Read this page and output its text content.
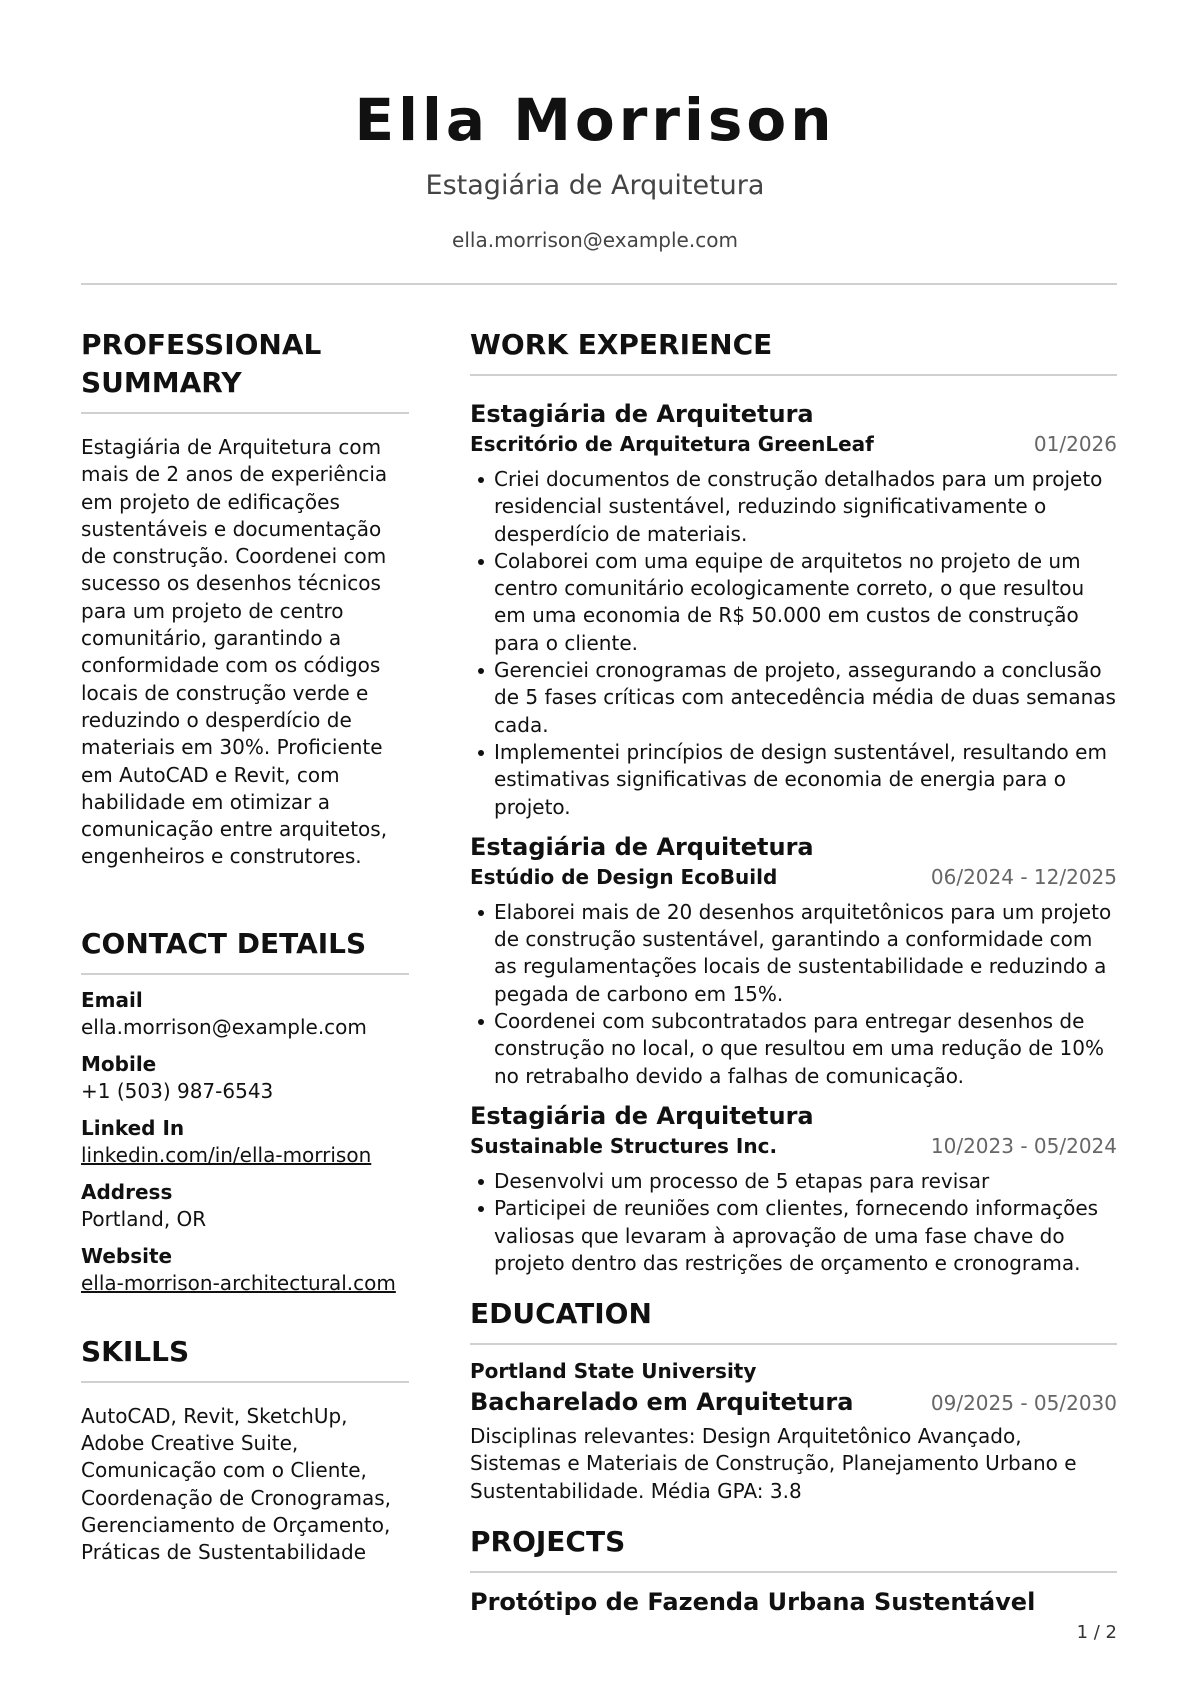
Ella Morrison
Estagiária de Arquitetura
ella.morrison@example.com
PROFESSIONAL
SUMMARY
Estagiária de Arquitetura com mais de 2 anos de experiência em projeto de edificações sustentáveis e documentação de construção. Coordenei com sucesso os desenhos técnicos para um projeto de centro comunitário, garantindo a conformidade com os códigos locais de construção verde e reduzindo o desperdício de materiais em 30%. Proficiente em AutoCAD e Revit, com habilidade em otimizar a comunicação entre arquitetos, engenheiros e construtores.
CONTACT DETAILS
Email
ella.morrison@example.com
Mobile
+1 (503) 987-6543
Linked In
linkedin.com/in/ella-morrison
Address
Portland, OR
Website
ella-morrison-architectural.com
SKILLS
AutoCAD, Revit, SketchUp, Adobe Creative Suite, Comunicação com o Cliente, Coordenação de Cronogramas, Gerenciamento de Orçamento, Práticas de Sustentabilidade
WORK EXPERIENCE
Estagiária de Arquitetura
Escritório de Arquitetura GreenLeaf	01/2026
Criei documentos de construção detalhados para um projeto residencial sustentável, reduzindo significativamente o desperdício de materiais.
Colaborei com uma equipe de arquitetos no projeto de um centro comunitário ecologicamente correto, o que resultou em uma economia de R$ 50.000 em custos de construção para o cliente.
Gerenciei cronogramas de projeto, assegurando a conclusão de 5 fases críticas com antecedência média de duas semanas cada.
Implementei princípios de design sustentável, resultando em estimativas significativas de economia de energia para o projeto.
Estagiária de Arquitetura
Estúdio de Design EcoBuild	06/2024 - 12/2025
Elaborei mais de 20 desenhos arquitetônicos para um projeto de construção sustentável, garantindo a conformidade com as regulamentações locais de sustentabilidade e reduzindo a pegada de carbono em 15%.
Coordenei com subcontratados para entregar desenhos de construção no local, o que resultou em uma redução de 10% no retrabalho devido a falhas de comunicação.
Estagiária de Arquitetura
Sustainable Structures Inc.	10/2023 - 05/2024
Desenvolvi um processo de 5 etapas para revisar
Participei de reuniões com clientes, fornecendo informações valiosas que levaram à aprovação de uma fase chave do projeto dentro das restrições de orçamento e cronograma.
EDUCATION
Portland State University
Bacharelado em Arquitetura	09/2025 - 05/2030
Disciplinas relevantes: Design Arquitetônico Avançado, Sistemas e Materiais de Construção, Planejamento Urbano e Sustentabilidade. Média GPA: 3.8
PROJECTS
Protótipo de Fazenda Urbana Sustentável
1 / 2
